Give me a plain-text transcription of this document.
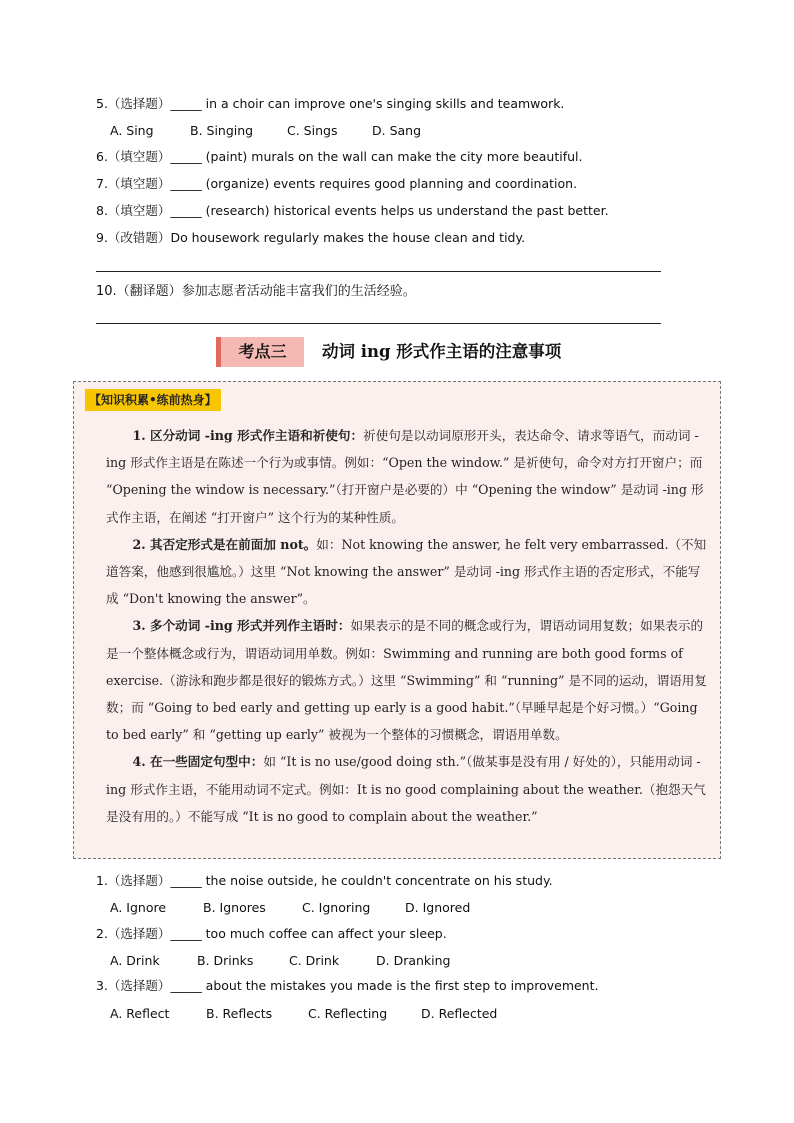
5.（选择题）_____ in a choir can improve one's singing skills and teamwork.
A. Sing	B. Singing	C. Sings	D. Sang
6.（填空题）_____ (paint) murals on the wall can make the city more beautiful.
7.（填空题）_____ (organize) events requires good planning and coordination.
8.（填空题）_____ (research) historical events helps us understand the past better.
9.（改错题）Do housework regularly makes the house clean and tidy.
10.（翻译题）参加志愿者活动能丰富我们的生活经验。
考点三	动词 ing 形式作主语的注意事项
【知识积累•练前热身】

1. 区分动词 -ing 形式作主语和祈使句：祈使句是以动词原形开头，表达命令、请求等语气，而动词 -ing 形式作主语是在陈述一个行为或事情。例如：“Open the window.” 是祈使句，命令对方打开窗户；而 “Opening the window is necessary.”（打开窗户是必要的）中 “Opening the window” 是动词 -ing 形式作主语，在阐述 “打开窗户” 这个行为的某种性质。

2. 其否定形式是在前面加 not。如：Not knowing the answer, he felt very embarrassed.（不知道答案，他感到很尴尬。）这里 “Not knowing the answer” 是动词 -ing 形式作主语的否定形式，不能写成 “Don't knowing the answer”。

3. 多个动词 -ing 形式并列作主语时：如果表示的是不同的概念或行为，谓语动词用复数；如果表示的是一个整体概念或行为，谓语动词用单数。例如：Swimming and running are both good forms of exercise.（游泳和跑步都是很好的锻炼方式。）这里 “Swimming” 和 “running” 是不同的运动，谓语用复数；而 “Going to bed early and getting up early is a good habit.”（早睡早起是个好习惯。）“Going to bed early” 和 “getting up early” 被视为一个整体的习惯概念，谓语用单数。

4. 在一些固定句型中：如 “It is no use/good doing sth.”（做某事是没有用 / 好处的），只能用动词 -ing 形式作主语，不能用动词不定式。例如：It is no good complaining about the weather.（抱怨天气是没有用的。）不能写成 “It is no good to complain about the weather.”

1.（选择题）_____ the noise outside, he couldn't concentrate on his study.
A. Ignore	B. Ignores	C. Ignoring	D. Ignored
2.（选择题）_____ too much coffee can affect your sleep.
A. Drink	B. Drinks	C. Drink	D. Dranking
3.（选择题）_____ about the mistakes you made is the first step to improvement.
A. Reflect	B. Reflects	C. Reflecting	D. Reflected
